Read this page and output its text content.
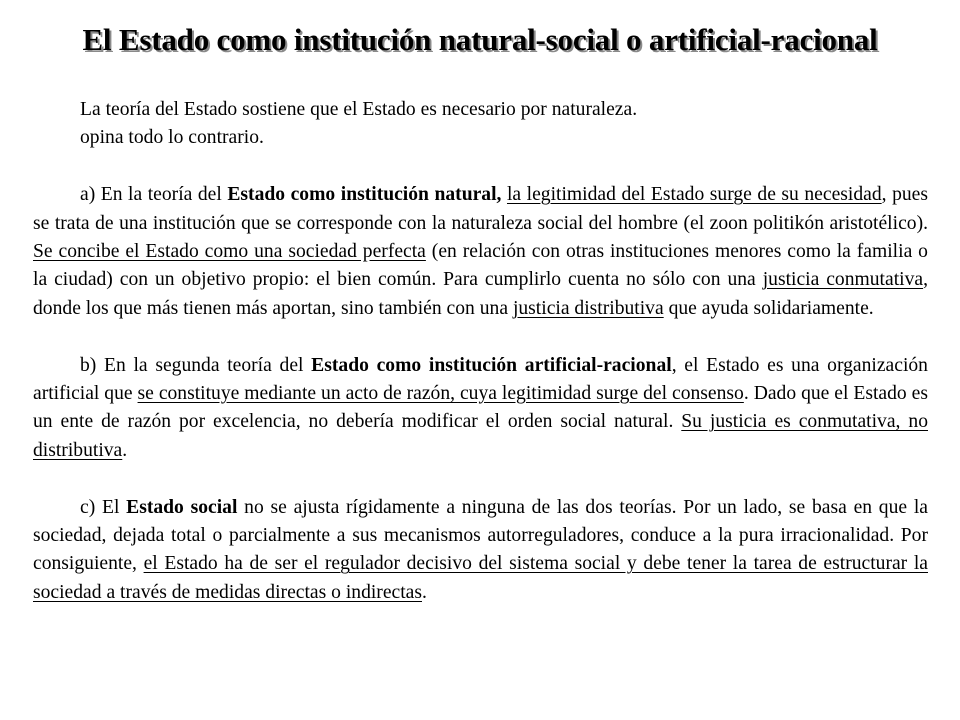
El Estado como institución natural-social o artificial-racional

La teoría del Estado sostiene que el Estado es necesario por naturaleza.

opina todo lo contrario.

a) En la teoría del Estado como institución natural, la legitimidad del Estado surge de su necesidad, pues se trata de una institución que se corresponde con la naturaleza social del hombre (el zoon politikón aristotélico). Se concibe el Estado como una sociedad perfecta (en relación con otras instituciones menores como la familia o la ciudad) con un objetivo propio: el bien común. Para cumplirlo cuenta no sólo con una justicia conmutativa, donde los que más tienen más aportan, sino también con una justicia distributiva que ayuda solidariamente.

b) En la segunda teoría del Estado como institución artificial-racional, el Estado es una organización artificial que se constituye mediante un acto de razón, cuya legitimidad surge del consenso. Dado que el Estado es un ente de razón por excelencia, no debería modificar el orden social natural. Su justicia es conmutativa, no distributiva.

c) El Estado social no se ajusta rígidamente a ninguna de las dos teorías. Por un lado, se basa en que la sociedad, dejada total o parcialmente a sus mecanismos autorreguladores, conduce a la pura irracionalidad. Por consiguiente, el Estado ha de ser el regulador decisivo del sistema social y debe tener la tarea de estructurar la sociedad a través de medidas directas o indirectas.
